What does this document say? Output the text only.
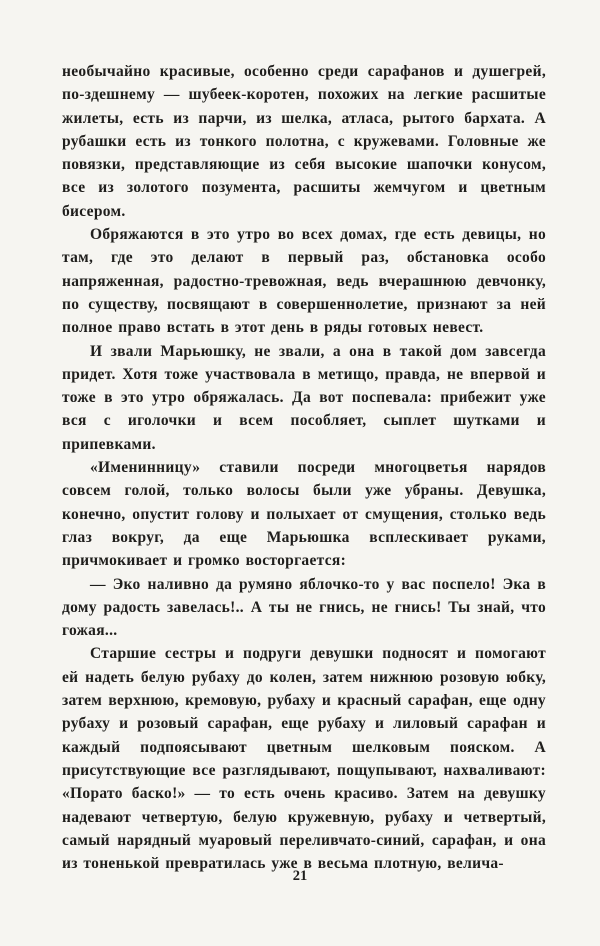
необычайно красивые, особенно среди сарафанов и душегрей, по-здешнему — шубеек-коротен, похожих на легкие расшитые жилеты, есть из парчи, из шелка, атласа, рытого бархата. А рубашки есть из тонкого полотна, с кружевами. Головные же повязки, представляющие из себя высокие шапочки конусом, все из золотого позумента, расшиты жемчугом и цветным бисером.

Обряжаются в это утро во всех домах, где есть девицы, но там, где это делают в первый раз, обстановка особо напряженная, радостно-тревожная, ведь вчерашнюю девчонку, по существу, посвящают в совершеннолетие, признают за ней полное право встать в этот день в ряды готовых невест.

И звали Марьюшку, не звали, а она в такой дом завсегда придет. Хотя тоже участвовала в метищо, правда, не впервой и тоже в это утро обряжалась. Да вот поспевала: прибежит уже вся с иголочки и всем пособляет, сыплет шутками и припевками.

«Именинницу» ставили посреди многоцветья нарядов совсем голой, только волосы были уже убраны. Девушка, конечно, опустит голову и полыхает от смущения, столько ведь глаз вокруг, да еще Марьюшка всплескивает руками, причмокивает и громко восторгается:

— Эко наливно да румяно яблочко-то у вас поспело! Эка в дому радость завелась!.. А ты не гнись, не гнись! Ты знай, что гожая...

Старшие сестры и подруги девушки подносят и помогают ей надеть белую рубаху до колен, затем нижнюю розовую юбку, затем верхнюю, кремовую, рубаху и красный сарафан, еще одну рубаху и розовый сарафан, еще рубаху и лиловый сарафан и каждый подпоясывают цветным шелковым пояском. А присутствующие все разглядывают, пощупывают, нахваливают: «Порато баско!» — то есть очень красиво. Затем на девушку надевают четвертую, белую кружевную, рубаху и четвертый, самый нарядный муаровый переливчато-синий, сарафан, и она из тоненькой превратилась уже в весьма плотную, велича-

21
